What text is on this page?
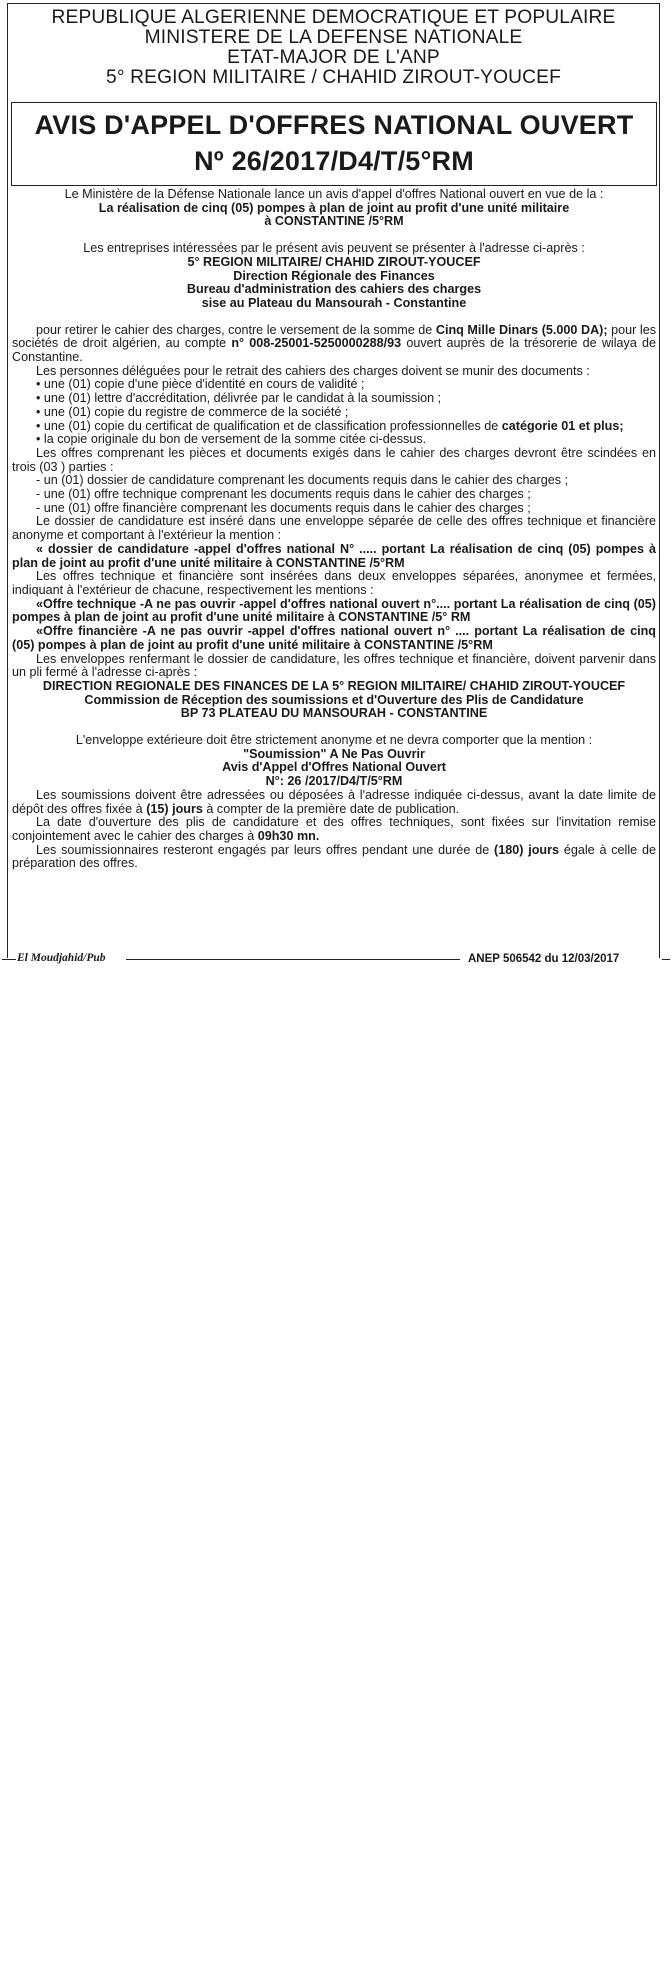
REPUBLIQUE ALGERIENNE DEMOCRATIQUE ET POPULAIRE
MINISTERE DE LA DEFENSE NATIONALE
ETAT-MAJOR DE L'ANP
5° REGION MILITAIRE / CHAHID ZIROUT-YOUCEF
AVIS D'APPEL D'OFFRES NATIONAL OUVERT
Nº 26/2017/D4/T/5°RM
Le Ministère de la Défense Nationale lance un avis d'appel d'offres National ouvert en vue de la :
La réalisation de cinq (05) pompes à plan de joint au profit d'une unité militaire
à CONSTANTINE /5°RM
Les entreprises intéressées par le présent avis peuvent se présenter à l'adresse ci-après :
5° REGION MILITAIRE/ CHAHID ZIROUT-YOUCEF
Direction Régionale des Finances
Bureau d'administration des cahiers des charges
sise au Plateau du Mansourah - Constantine
pour retirer le cahier des charges, contre le versement de la somme de Cinq Mille Dinars (5.000 DA); pour les sociétés de droit algérien, au compte n° 008-25001-5250000288/93 ouvert auprès de la trésorerie de wilaya de Constantine.
Les personnes déléguées pour le retrait des cahiers des charges doivent se munir des documents :
• une (01) copie d'une pièce d'identité en cours de validité ;
• une (01) lettre d'accréditation, délivrée par le candidat à la soumission ;
• une (01) copie du registre de commerce de la société ;
• une (01) copie du certificat de qualification et de classification professionnelles de catégorie 01 et plus;
• la copie originale du bon de versement de la somme citée ci-dessus.
Les offres comprenant les pièces et documents exigés dans le cahier des charges devront être scindées en trois (03 ) parties :
- un (01) dossier de candidature comprenant les documents requis dans le cahier des charges ;
- une (01) offre technique comprenant les documents requis dans le cahier des charges ;
- une (01) offre financière comprenant les documents requis dans le cahier des charges ;
Le dossier de candidature est inséré dans une enveloppe séparée de celle des offres technique et financière anonyme et comportant à l'extérieur la mention :
« dossier de candidature -appel d'offres national N° ..... portant La réalisation de cinq (05) pompes à plan de joint au profit d'une unité militaire à CONSTANTINE /5°RM
Les offres technique et financière sont insérées dans deux enveloppes séparées, anonymee et fermées, indiquant à l'extérieur de chacune, respectivement les mentions :
«Offre technique -A ne pas ouvrir -appel d'offres national ouvert n°.... portant La réalisation de cinq (05) pompes à plan de joint au profit d'une unité militaire à CONSTANTINE /5° RM
«Offre financière -A ne pas ouvrir -appel d'offres national ouvert n° .... portant La réalisation de cinq (05) pompes à plan de joint au profit d'une unité militaire à CONSTANTINE /5°RM
Les enveloppes renfermant le dossier de candidature, les offres technique et financière, doivent parvenir dans un pli fermé à l'adresse ci-après :
DIRECTION REGIONALE DES FINANCES DE LA 5° REGION MILITAIRE/ CHAHID ZIROUT-YOUCEF
Commission de Réception des soumissions et d'Ouverture des Plis de Candidature
BP 73 PLATEAU DU MANSOURAH - CONSTANTINE
L'enveloppe extérieure doit être strictement anonyme et ne devra comporter que la mention :
"Soumission" A Ne Pas Ouvrir
Avis d'Appel d'Offres National Ouvert
N°: 26 /2017/D4/T/5°RM
Les soumissions doivent être adressées ou déposées à l'adresse indiquée ci-dessus, avant la date limite de dépôt des offres fixée à (15) jours à compter de la première date de publication.
La date d'ouverture des plis de candidature et des offres techniques, sont fixées sur l'invitation remise conjointement avec le cahier des charges à 09h30 mn.
Les soumissionnaires resteront engagés par leurs offres pendant une durée de (180) jours égale à celle de préparation des offres.
El Moudjahid/Pub	ANEP 506542 du 12/03/2017
